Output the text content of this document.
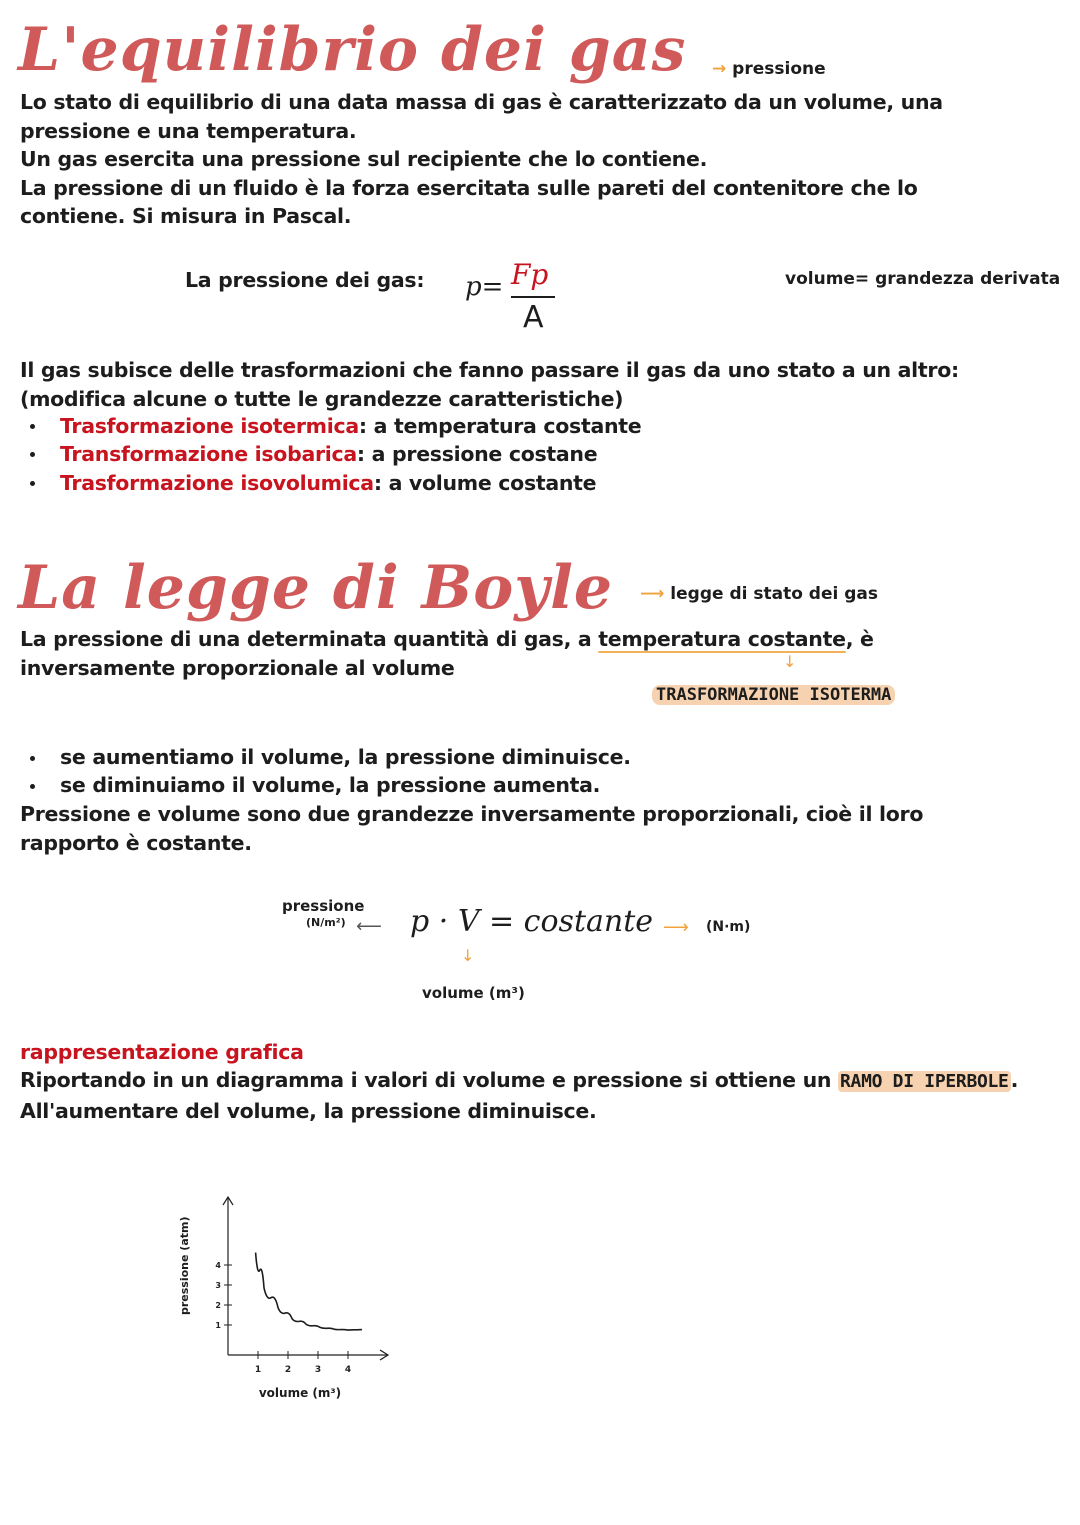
L'equilibrio dei gas → pressione
Lo stato di equilibrio di una data massa di gas è caratterizzato da un volume, una
pressione e una temperatura.
Un gas esercita una pressione sul recipiente che lo contiene.
La pressione di un fluido è la forza esercitata sulle pareti del contenitore che lo
contiene. Si misura in Pascal.
La pressione dei gas: p= Fp
A
volume= grandezza derivata
Il gas subisce delle trasformazioni che fanno passare il gas da uno stato a un altro:
(modifica alcune o tutte le grandezze caratteristiche)
Trasformazione isotermica: a temperatura costante
Transformazione isobarica: a pressione costane
Trasformazione isovolumica: a volume costante
La legge di Boyle ⟶ legge di stato dei gas
La pressione di una determinata quantità di gas, a temperatura costante, è
inversamente proporzionale al volume	↓
TRASFORMAZIONE ISOTERMA
se aumentiamo il volume, la pressione diminuisce.
se diminuiamo il volume, la pressione aumenta.
Pressione e volume sono due grandezze inversamente proporzionali, cioè il loro
rapporto è costante.
pressione
(N/m²) ⟵ p · V = costante ⟶ (N·m)
↓
volume (m³)
rappresentazione grafica
Riportando in un diagramma i valori di volume e pressione si ottiene un RAMO DI IPERBOLE.
All'aumentare del volume, la pressione diminuisce.
pressione (atm)
volume (m³)
1	2	3	4
1
2
3
4
